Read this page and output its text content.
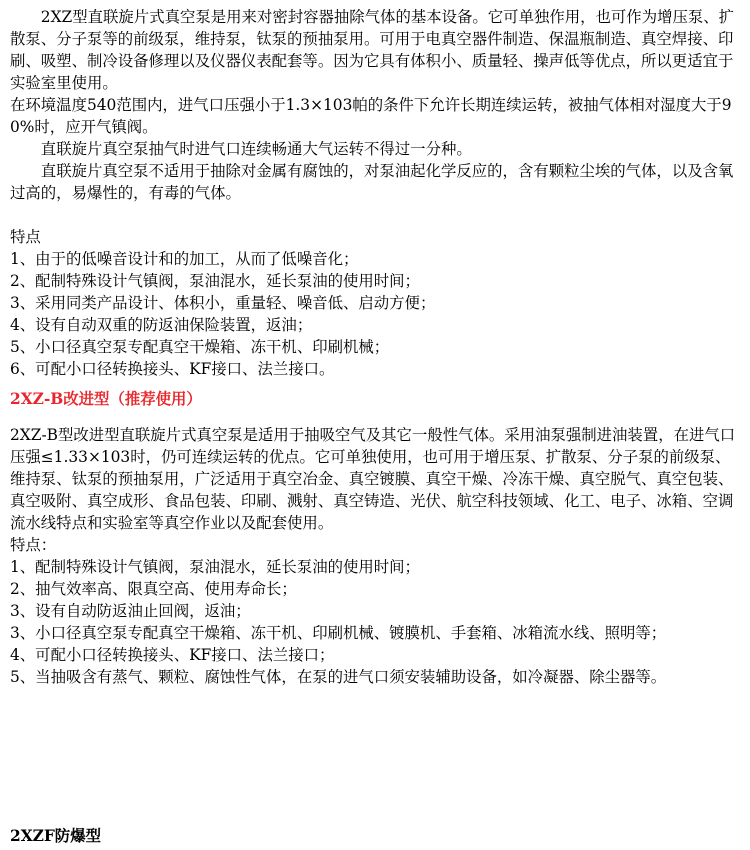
2XZ型直联旋片式真空泵是用来对密封容器抽除气体的基本设备。它可单独作用，也可作为增压泵、扩散泵、分子泵等的前级泵，维持泵，钛泵的预抽泵用。可用于电真空器件制造、保温瓶制造、真空焊接、印刷、吸塑、制冷设备修理以及仪器仪表配套等。因为它具有体积小、质量轻、操声低等优点，所以更适宜于实验室里使用。

在环境温度540范围内，进气口压强小于1.3×103帕的条件下允许长期连续运转，被抽气体相对湿度大于90%时，应开气镇阀。

直联旋片真空泵抽气时进气口连续畅通大气运转不得过一分种。

直联旋片真空泵不适用于抽除对金属有腐蚀的，对泵油起化学反应的，含有颗粒尘埃的气体，以及含氧过高的，易爆性的，有毒的气体。

特点

1、由于的低噪音设计和的加工，从而了低噪音化；
2、配制特殊设计气镇阀，泵油混水，延长泵油的使用时间；
3、采用同类产品设计、体积小，重量轻、噪音低、启动方便；
4、设有自动双重的防返油保险装置，返油；
5、小口径真空泵专配真空干燥箱、冻干机、印刷机械；
6、可配小口径转换接头、KF接口、法兰接口。
2XZ-B改进型（推荐使用）

2XZ-B型改进型直联旋片式真空泵是适用于抽吸空气及其它一般性气体。采用油泵强制进油装置，在进气口压强≤1.33×103时，仍可连续运转的优点。它可单独使用，也可用于增压泵、扩散泵、分子泵的前级泵、维持泵、钛泵的预抽泵用，广泛适用于真空冶金、真空镀膜、真空干燥、冷冻干燥、真空脱气、真空包装、真空吸附、真空成形、食品包装、印刷、溅射、真空铸造、光伏、航空科技领域、化工、电子、冰箱、空调流水线特点和实验室等真空作业以及配套使用。

特点：

1、配制特殊设计气镇阀，泵油混水，延长泵油的使用时间；
2、抽气效率高、限真空高、使用寿命长；
3、设有自动防返油止回阀，返油；
3、小口径真空泵专配真空干燥箱、冻干机、印刷机械、镀膜机、手套箱、冰箱流水线、照明等；
4、可配小口径转换接头、KF接口、法兰接口；
5、当抽吸含有蒸气、颗粒、腐蚀性气体，在泵的进气口须安装辅助设备，如冷凝器、除尘器等。
2XZF防爆型
